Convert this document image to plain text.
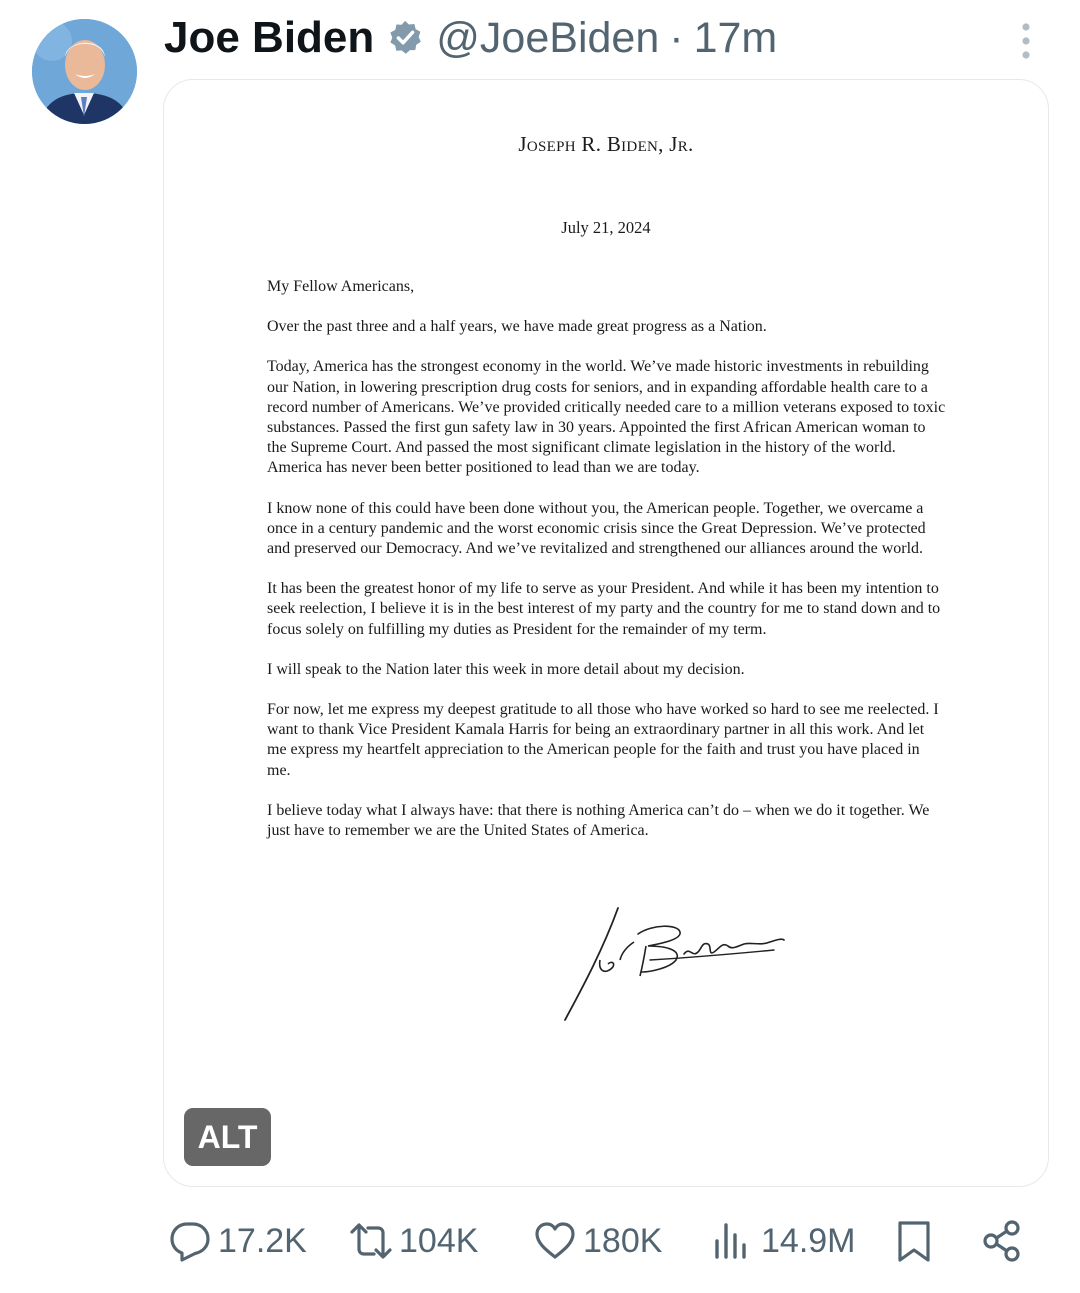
Joe Biden @JoeBiden · 17m
Joseph R. Biden, Jr.
July 21, 2024

My Fellow Americans,

Over the past three and a half years, we have made great progress as a Nation.

Today, America has the strongest economy in the world. We’ve made historic investments in rebuilding our Nation, in lowering prescription drug costs for seniors, and in expanding affordable health care to a record number of Americans. We’ve provided critically needed care to a million veterans exposed to toxic substances. Passed the first gun safety law in 30 years. Appointed the first African American woman to the Supreme Court. And passed the most significant climate legislation in the history of the world. America has never been better positioned to lead than we are today.

I know none of this could have been done without you, the American people. Together, we overcame a once in a century pandemic and the worst economic crisis since the Great Depression. We’ve protected and preserved our Democracy. And we’ve revitalized and strengthened our alliances around the world.

It has been the greatest honor of my life to serve as your President. And while it has been my intention to seek reelection, I believe it is in the best interest of my party and the country for me to stand down and to focus solely on fulfilling my duties as President for the remainder of my term.

I will speak to the Nation later this week in more detail about my decision.

For now, let me express my deepest gratitude to all those who have worked so hard to see me reelected. I want to thank Vice President Kamala Harris for being an extraordinary partner in all this work. And let me express my heartfelt appreciation to the American people for the faith and trust you have placed in me.

I believe today what I always have: that there is nothing America can’t do – when we do it together. We just have to remember we are the United States of America.

ALT
17.2K	104K	180K	14.9M
